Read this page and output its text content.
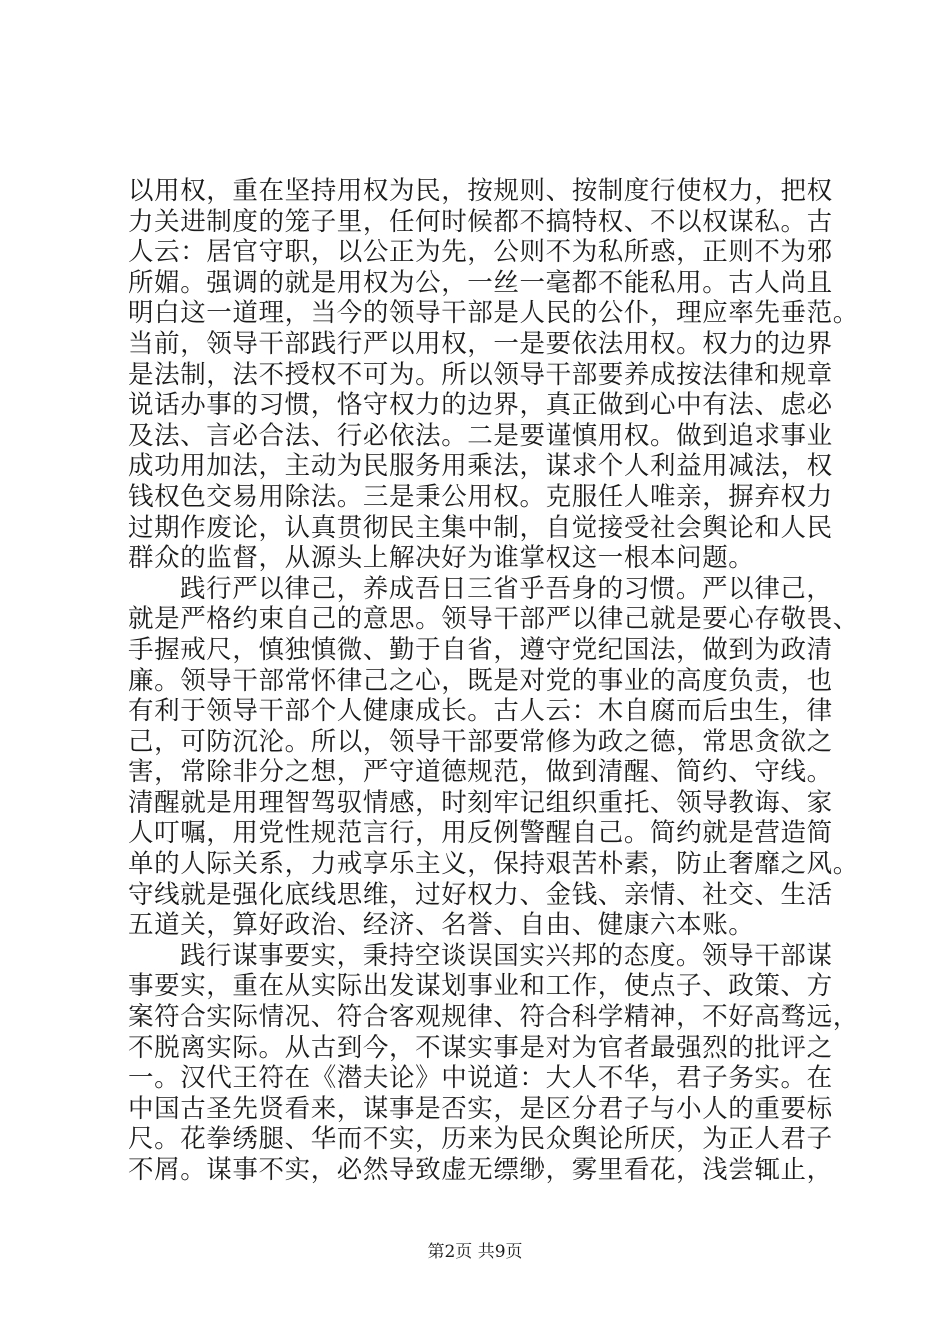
以用权，重在坚持用权为民，按规则、按制度行使权力，把权
力关进制度的笼子里，任何时候都不搞特权、不以权谋私。古
人云：居官守职，以公正为先，公则不为私所惑，正则不为邪
所媚。强调的就是用权为公，一丝一毫都不能私用。古人尚且
明白这一道理，当今的领导干部是人民的公仆，理应率先垂范。
当前，领导干部践行严以用权，一是要依法用权。权力的边界
是法制，法不授权不可为。所以领导干部要养成按法律和规章
说话办事的习惯，恪守权力的边界，真正做到心中有法、虑必
及法、言必合法、行必依法。二是要谨慎用权。做到追求事业
成功用加法，主动为民服务用乘法，谋求个人利益用减法，权
钱权色交易用除法。三是秉公用权。克服任人唯亲，摒弃权力
过期作废论，认真贯彻民主集中制，自觉接受社会舆论和人民
群众的监督，从源头上解决好为谁掌权这一根本问题。
践行严以律己，养成吾日三省乎吾身的习惯。严以律己，
就是严格约束自己的意思。领导干部严以律己就是要心存敬畏、
手握戒尺，慎独慎微、勤于自省，遵守党纪国法，做到为政清
廉。领导干部常怀律己之心，既是对党的事业的高度负责，也
有利于领导干部个人健康成长。古人云：木自腐而后虫生，律
己，可防沉沦。所以，领导干部要常修为政之德，常思贪欲之
害，常除非分之想，严守道德规范，做到清醒、简约、守线。
清醒就是用理智驾驭情感，时刻牢记组织重托、领导教诲、家
人叮嘱，用党性规范言行，用反例警醒自己。简约就是营造简
单的人际关系，力戒享乐主义，保持艰苦朴素，防止奢靡之风。
守线就是强化底线思维，过好权力、金钱、亲情、社交、生活
五道关，算好政治、经济、名誉、自由、健康六本账。
践行谋事要实，秉持空谈误国实兴邦的态度。领导干部谋
事要实，重在从实际出发谋划事业和工作，使点子、政策、方
案符合实际情况、符合客观规律、符合科学精神，不好高骛远，
不脱离实际。从古到今，不谋实事是对为官者最强烈的批评之
一。汉代王符在《潜夫论》中说道：大人不华，君子务实。在
中国古圣先贤看来，谋事是否实，是区分君子与小人的重要标
尺。花拳绣腿、华而不实，历来为民众舆论所厌，为正人君子
不屑。谋事不实，必然导致虚无缥缈，雾里看花，浅尝辄止，
第2页 共9页
